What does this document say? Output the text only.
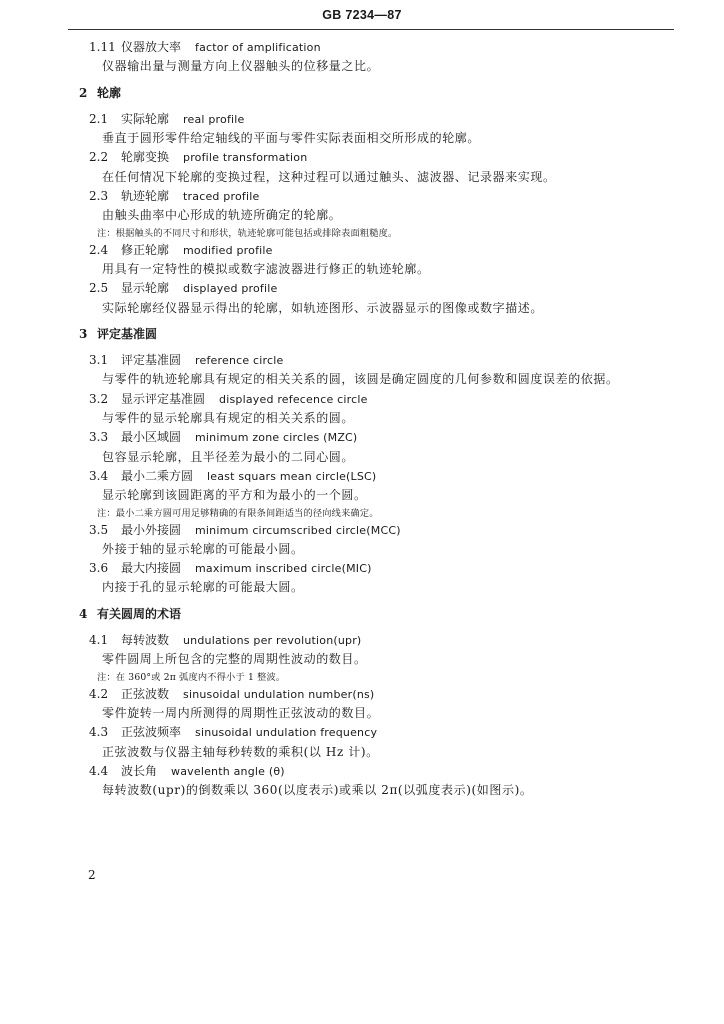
GB 7234—87
1.11 仪器放大率 factor of amplification
仪器输出量与测量方向上仪器触头的位移量之比。
2 轮廓
2.1 实际轮廓 real profile
垂直于圆形零件给定轴线的平面与零件实际表面相交所形成的轮廓。
2.2 轮廓变换 profile transformation
在任何情况下轮廓的变换过程，这种过程可以通过触头、滤波器、记录器来实现。
2.3 轨迹轮廓 traced profile
由触头曲率中心形成的轨迹所确定的轮廓。
注：根据触头的不同尺寸和形状，轨迹轮廓可能包括或排除表面粗糙度。
2.4 修正轮廓 modified profile
用具有一定特性的模拟或数字滤波器进行修正的轨迹轮廓。
2.5 显示轮廓 displayed profile
实际轮廓经仪器显示得出的轮廓，如轨迹图形、示波器显示的图像或数字描述。
3 评定基准圆
3.1 评定基准圆 reference circle
与零件的轨迹轮廓具有规定的相关关系的圆，该圆是确定圆度的几何参数和圆度误差的依据。
3.2 显示评定基准圆 displayed refecence circle
与零件的显示轮廓具有规定的相关关系的圆。
3.3 最小区域圆 minimum zone circles (MZC)
包容显示轮廓，且半径差为最小的二同心圆。
3.4 最小二乘方圆 least squars mean circle(LSC)
显示轮廓到该圆距离的平方和为最小的一个圆。
注：最小二乘方圆可用足够精确的有限条间距适当的径向线来确定。
3.5 最小外接圆 minimum circumscribed circle(MCC)
外接于轴的显示轮廓的可能最小圆。
3.6 最大内接圆 maximum inscribed circle(MIC)
内接于孔的显示轮廓的可能最大圆。
4 有关圆周的术语
4.1 每转波数 undulations per revolution(upr)
零件圆周上所包含的完整的周期性波动的数目。
注：在 360°或 2π 弧度内不得小于 1 整波。
4.2 正弦波数 sinusoidal undulation number(ns)
零件旋转一周内所测得的周期性正弦波动的数目。
4.3 正弦波频率 sinusoidal undulation frequency
正弦波数与仪器主轴每秒转数的乘积(以 Hz 计)。
4.4 波长角 wavelenth angle (θ)
每转波数(upr)的倒数乘以 360(以度表示)或乘以 2π(以弧度表示)(如图示)。
2
